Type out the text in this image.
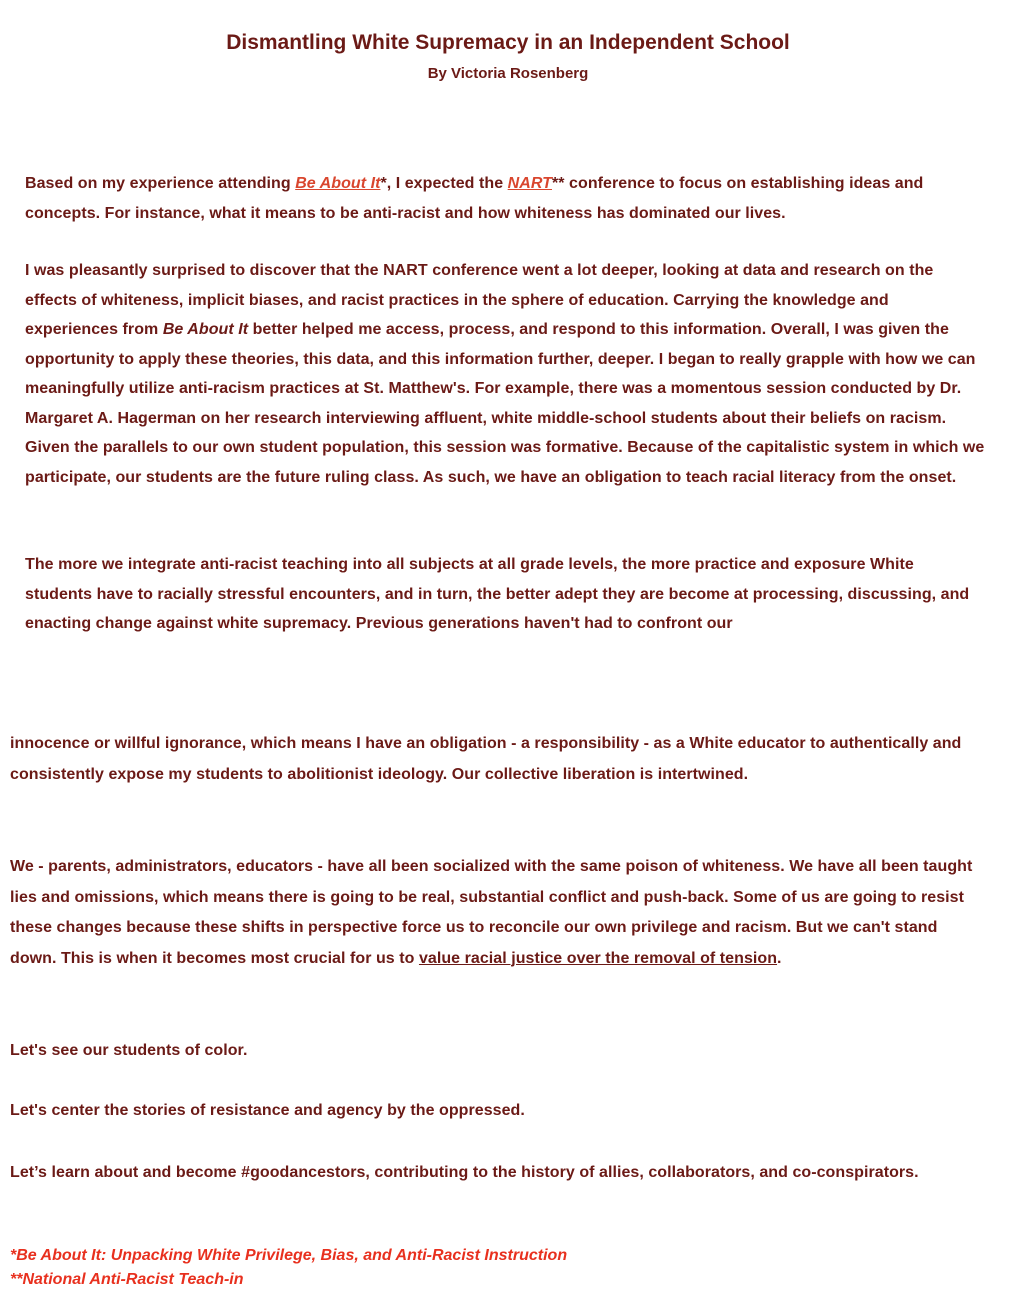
Dismantling White Supremacy in an Independent School

By Victoria Rosenberg

Based on my experience attending Be About It*, I expected the NART** conference to focus on establishing ideas and concepts. For instance, what it means to be anti-racist and how whiteness has dominated our lives.

I was pleasantly surprised to discover that the NART conference went a lot deeper, looking at data and research on the effects of whiteness, implicit biases, and racist practices in the sphere of education. Carrying the knowledge and experiences from Be About It better helped me access, process, and respond to this information. Overall, I was given the opportunity to apply these theories, this data, and this information further, deeper. I began to really grapple with how we can meaningfully utilize anti-racism practices at St. Matthew's. For example, there was a momentous session conducted by Dr. Margaret A. Hagerman on her research interviewing affluent, white middle-school students about their beliefs on racism. Given the parallels to our own student population, this session was formative. Because of the capitalistic system in which we participate, our students are the future ruling class. As such, we have an obligation to teach racial literacy from the onset.

The more we integrate anti-racist teaching into all subjects at all grade levels, the more practice and exposure White students have to racially stressful encounters, and in turn, the better adept they are become at processing, discussing, and enacting change against white supremacy. Previous generations haven't had to confront our

innocence or willful ignorance, which means I have an obligation - a responsibility - as a White educator to authentically and consistently expose my students to abolitionist ideology. Our collective liberation is intertwined.

We - parents, administrators, educators - have all been socialized with the same poison of whiteness. We have all been taught lies and omissions, which means there is going to be real, substantial conflict and push-back. Some of us are going to resist these changes because these shifts in perspective force us to reconcile our own privilege and racism. But we can't stand down. This is when it becomes most crucial for us to value racial justice over the removal of tension.

Let's see our students of color.

Let's center the stories of resistance and agency by the oppressed.

Let’s learn about and become #goodancestors, contributing to the history of allies, collaborators, and co-conspirators.

*Be About It: Unpacking White Privilege, Bias, and Anti-Racist Instruction

**National Anti-Racist Teach-in
